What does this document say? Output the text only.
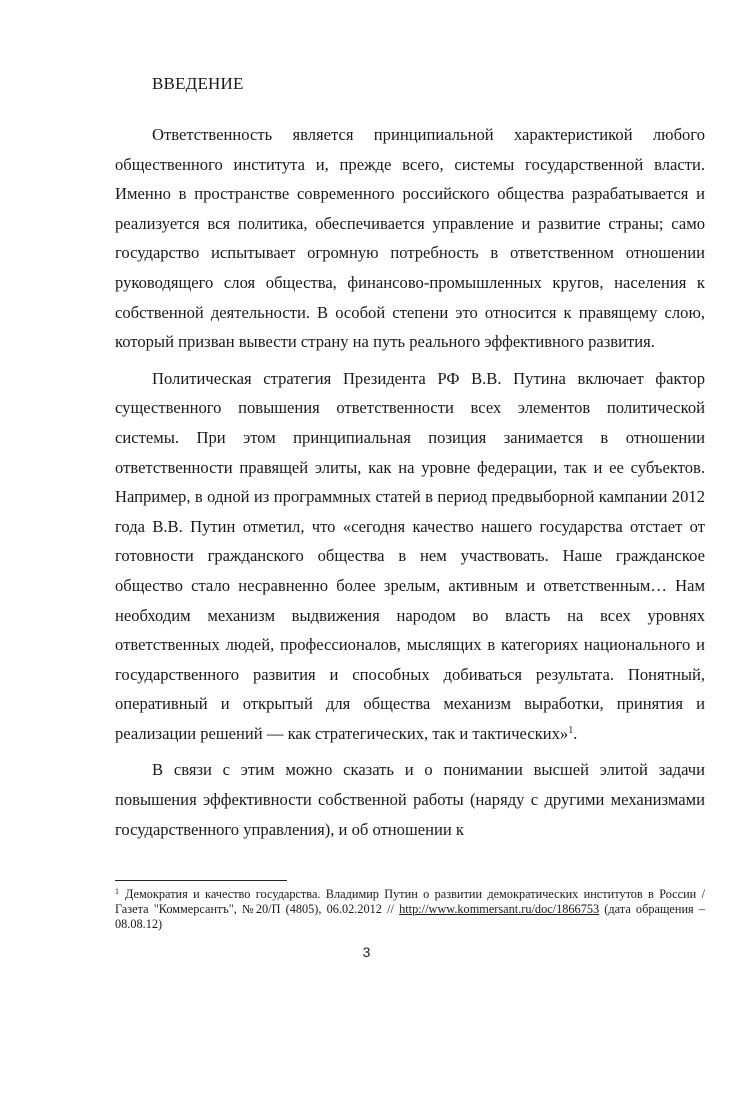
ВВЕДЕНИЕ

Ответственность является принципиальной характеристикой любого общественного института и, прежде всего, системы государственной власти. Именно в пространстве современного российского общества разрабатывается и реализуется вся политика, обеспечивается управление и развитие страны; само государство испытывает огромную потребность в ответственном отношении руководящего слоя общества, финансово-промышленных кругов, населения к собственной деятельности. В особой степени это относится к правящему слою, который призван вывести страну на путь реального эффективного развития.

Политическая стратегия Президента РФ В.В. Путина включает фактор существенного повышения ответственности всех элементов политической системы. При этом принципиальная позиция занимается в отношении ответственности правящей элиты, как на уровне федерации, так и ее субъектов. Например, в одной из программных статей в период предвыборной кампании 2012 года В.В. Путин отметил, что «сегодня качество нашего государства отстает от готовности гражданского общества в нем участвовать. Наше гражданское общество стало несравненно более зрелым, активным и ответственным… Нам необходим механизм выдвижения народом во власть на всех уровнях ответственных людей, профессионалов, мыслящих в категориях национального и государственного развития и способных добиваться результата. Понятный, оперативный и открытый для общества механизм выработки, принятия и реализации решений — как стратегических, так и тактических»$^1$.

В связи с этим можно сказать и о понимании высшей элитой задачи повышения эффективности собственной работы (наряду с другими механизмами государственного управления), и об отношении к

$^1$ Демократия и качество государства. Владимир Путин о развитии демократических институтов в России / Газета "Коммерсантъ", №20/П (4805), 06.02.2012 // http://www.kommersant.ru/doc/1866753 (дата обращения – 08.08.12)
3
